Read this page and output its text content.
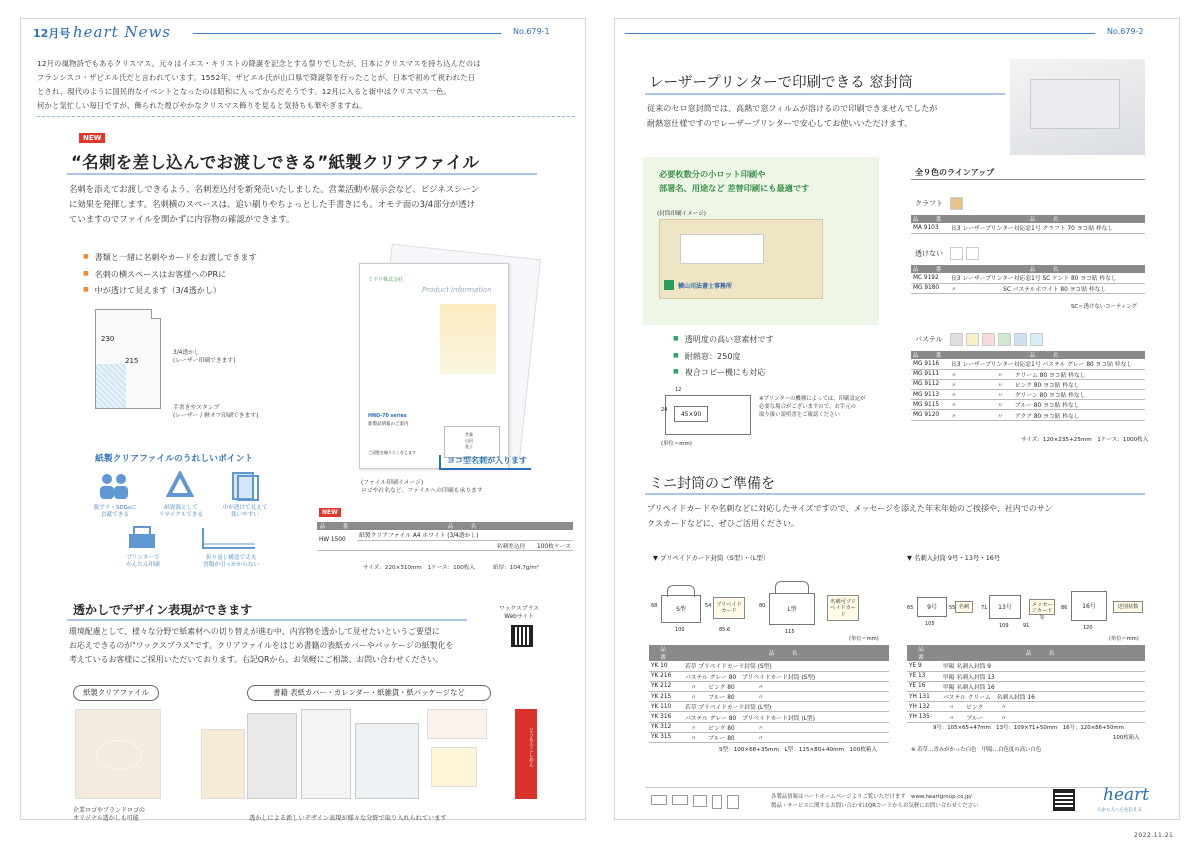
12月号 heart News	No.679-1
12月の風物詩でもあるクリスマス。元々はイエス・キリストの降誕を記念とする祭りでしたが、日本にクリスマスを持ち込んだのは
フランシスコ・ザビエル氏だと言われています。1552年、ザビエル氏が山口県で降誕祭を行ったことが、日本で初めて祝われた日
とされ、現代のように国民的なイベントとなったのは昭和に入ってからだそうです。12月に入ると街中はクリスマス一色。
何かと気忙しい毎日ですが、飾られた煌びやかなクリスマス飾りを見ると気持ちも華やぎますね。
NEW
“名刺を差し込んでお渡しできる”紙製クリアファイル
名刺を添えてお渡しできるよう、名刺差込付を新発売いたしました。営業活動や展示会など、ビジネスシーン
に効果を発揮します。名刺横のスペースは、追い刷りやちょっとした手書きにも。オモテ面の3/4部分が透け
ていますのでファイルを開かずに内容物の確認ができます。
■ 書類と一緒に名刺やカードをお渡しできます
■ 名刺の横スペースはお客様へのPRに
■ 中が透けて見えます（3/4透かし）
230
215
3/4透かし
(レーザー印刷できます)
手書きやスタンプ
(レーザー / 軽オフ印刷できます)
ミドリ株式会社
Product Information
HNO-70 series
新製品情報のご案内
ご清覧を賜りたく存じます
営業
山田
花子
ヨコ型名刺が入ります
(ファイル印刷イメージ)
ロゴや社名など、ファイルへの印刷も承ります
紙製クリアファイルのうれしいポイント
脱プラ・SDGsに
貢献できる
紙資源として
リサイクルできる
中が透けて見えて
使いやすい
プリンターで
かんたん印刷
折り返し構造で丈夫
書類が引っかからない
NEW
品　番	品　名
HW 1500	紙製クリアファイル A4 ホワイト (3/4透かし)
	名刺差込付　　 100枚ケース
サイズ：220×310mm　1ケース：100枚入	紙厚：104.7g/m²
透かしでデザイン表現ができます
環境配慮として、様々な分野で紙素材への切り替えが進む中、内容物を透かして見せたいというご要望に
お応えできるのが"ワックスプラス"です。クリアファイルをはじめ書籍の表紙カバーやパッケージの紙製化を
考えているお客様にご採用いただいております。右記QRから、お気軽にご相談、お問い合わせください。
ワックスプラス
Webサイト
紙製クリアファイル	書籍 表紙カバー・カレンダー・紙雑貨・紙パッケージなど
企業ロゴやブランドロゴの
オリジナル透かしも可能
とうもろこしめん
透かしによる新しいデザイン表現が様々な分野で取り入れられています
No.679-2
レーザープリンターで印刷できる 窓封筒
従来のセロ窓封筒では、高熱で窓フィルムが溶けるので印刷できませんでしたが
耐熱窓仕様ですのでレーザープリンターで安心してお使いいただけます。
必要枚数分の小ロット印刷や
部署名、用途など 差替印刷にも最適です
(封筒印刷イメージ)
横山司法書士事務所
■ 透明度の高い窓素材です
■ 耐熱窓：250度
■ 複合コピー機にも対応
45×90
12
24
(単位＝mm)
※プリンターの機種によっては、印刷設定が
必要な場合がございますので、お手元の
取り扱い説明書をご確認ください
全９色のラインアップ
クラフト　
品　番	品　名
MA 9103	長3 レーザープリンター対応窓1号 クラフト 70 ヨコ貼 枠なし
透けない　
品　番	品　名
MC 9192	長3 レーザープリンター対応窓1号 SC ケント 80 ヨコ貼 枠なし
MG 9180	〃　　　　　　　　SC パステルホワイト 80 ヨコ貼 枠なし
SC＝透けないコーティング
パステル　
品　番	品　名
MG 9116	長3 レーザープリンター対応窓1号 パステル グレー 80 ヨコ貼 枠なし
MG 9111	〃　　　　　　　〃　　クリーム 80 ヨコ貼 枠なし
MG 9112	〃　　　　　　　〃　　ピンク 80 ヨコ貼 枠なし
MG 9113	〃　　　　　　　〃　　グリーン 80 ヨコ貼 枠なし
MG 9115	〃　　　　　　　〃　　ブルー 80 ヨコ貼 枠なし
MG 9120	〃　　　　　　　〃　　アクア 80 ヨコ貼 枠なし
サイズ：120×235+25mm　1ケース：1000枚入
ミニ封筒のご準備を
プリペイドカードや名刺などに対応したサイズですので、メッセージを添えた年末年始のご挨拶や、社内でのサン
クスカードなどに、ぜひご活用ください。
▼ プリペイドカード封筒（S型）・（L型）	▼ 名刺入封筒 9号・13号・16号
S型
68
100
プリペイドカード
54
85.6
L型
80
115
名刺可プリペイドカード
(単位＝mm)
9号
65
105
名刺
55	13号
71
109
メッセージカード等
91
16号
86
120
送別状数
(単位＝mm)
品　番	品　名
YK 10	若草 プリペイドカード封筒 (S型)
YK 216	パステル グレー 80　プリペイドカード封筒 (S型)
YK 212	　〃　　ピンク 80　　　　〃
YK 215	　〃　　ブルー 80　　　　〃
YK 110	若草 プリペイドカード封筒 (L型)
YK 316	パステル グレー 80　プリペイドカード封筒 (L型)
YK 312	　〃　　ピンク 80　　　　〃
YK 315	　〃　　ブルー 80　　　　〃
S型：100×68+35mm　L型：115×80+40mm　100枚箱入
品　番	品　名
YE 9	甲陽 名刺入封筒 9
YE 13	甲陽 名刺入封筒 13
YE 16	甲陽 名刺入封筒 16
YH 131	パステル クリーム　名刺入封筒 16
YH 132	　〃　　ピンク　　　〃
YH 135	　〃　　ブルー　　　〃
9号：105×65+47mm　13号：109×71+50mm　16号：120×86+50mm
100枚箱入
※ 若草…青みがかった白色　甲陽…白色度の高い白色
各製品情報はハートホームページよりご覧いただけます　www.heartgroup.co.jp/
製品・サービスに関するお問い合わせはQRコードからお気軽にお問い合わせください
heart
人から人へ心を伝える
2022.11.21
